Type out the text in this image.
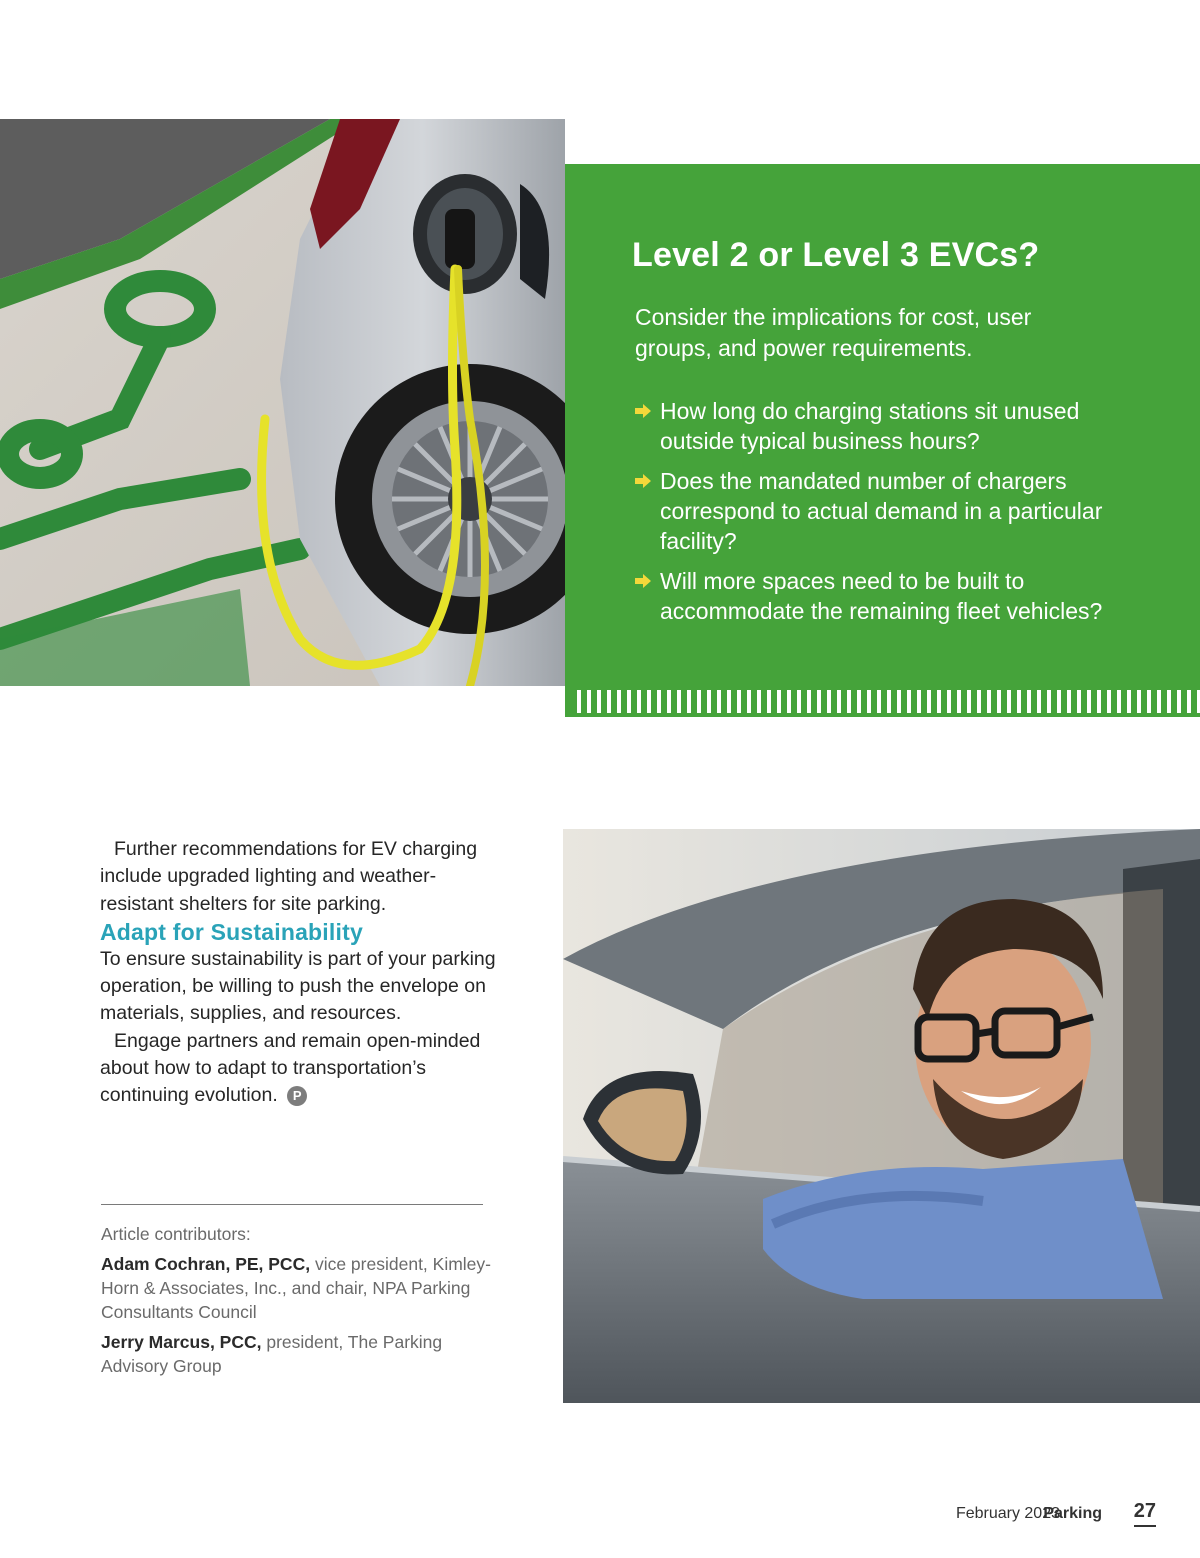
Level 2 or Level 3 EVCs?

Consider the implications for cost, user groups, and power requirements.

How long do charging stations sit unused outside typical business hours?
Does the mandated number of chargers correspond to actual demand in a particular facility?
Will more spaces need to be built to accommodate the remaining fleet vehicles?

Further recommendations for EV charging include upgraded lighting and weather-resistant shelters for site parking.

Adapt for Sustainability

To ensure sustainability is part of your parking operation, be willing to push the envelope on materials, supplies, and resources.

Engage partners and remain open-minded about how to adapt to transportation’s continuing evolution. P

Article contributors:

Adam Cochran, PE, PCC, vice president, Kimley-Horn & Associates, Inc., and chair, NPA Parking Consultants Council

Jerry Marcus, PCC, president, The Parking Advisory Group

February 2023
Parking 27
